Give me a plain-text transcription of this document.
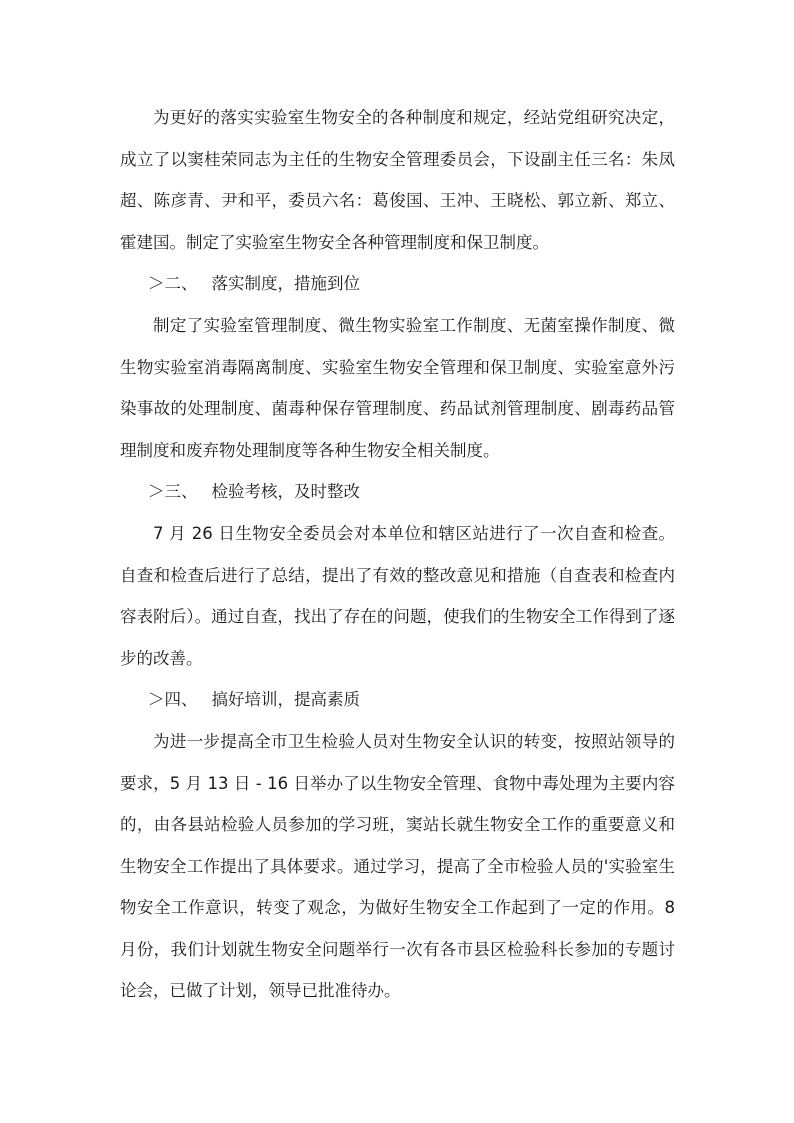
为更好的落实实验室生物安全的各种制度和规定，经站党组研究决定，成立了以窦桂荣同志为主任的生物安全管理委员会，下设副主任三名：朱凤超、陈彦青、尹和平，委员六名：葛俊国、王冲、王晓松、郭立新、郑立、霍建国。制定了实验室生物安全各种管理制度和保卫制度。

＞二、 落实制度，措施到位

制定了实验室管理制度、微生物实验室工作制度、无菌室操作制度、微生物实验室消毒隔离制度、实验室生物安全管理和保卫制度、实验室意外污染事故的处理制度、菌毒种保存管理制度、药品试剂管理制度、剧毒药品管理制度和废弃物处理制度等各种生物安全相关制度。

＞三、 检验考核，及时整改

7 月 26 日生物安全委员会对本单位和辖区站进行了一次自查和检查。自查和检查后进行了总结，提出了有效的整改意见和措施（自查表和检查内容表附后）。通过自查，找出了存在的问题，使我们的生物安全工作得到了逐步的改善。

＞四、 搞好培训，提高素质

为进一步提高全市卫生检验人员对生物安全认识的转变，按照站领导的要求，5 月 13 日 - 16 日举办了以生物安全管理、食物中毒处理为主要内容的，由各县站检验人员参加的学习班，窦站长就生物安全工作的重要意义和生物安全工作提出了具体要求。通过学习，提高了全市检验人员的'实验室生物安全工作意识，转变了观念，为做好生物安全工作起到了一定的作用。8 月份，我们计划就生物安全问题举行一次有各市县区检验科长参加的专题讨论会，已做了计划，领导已批准待办。
